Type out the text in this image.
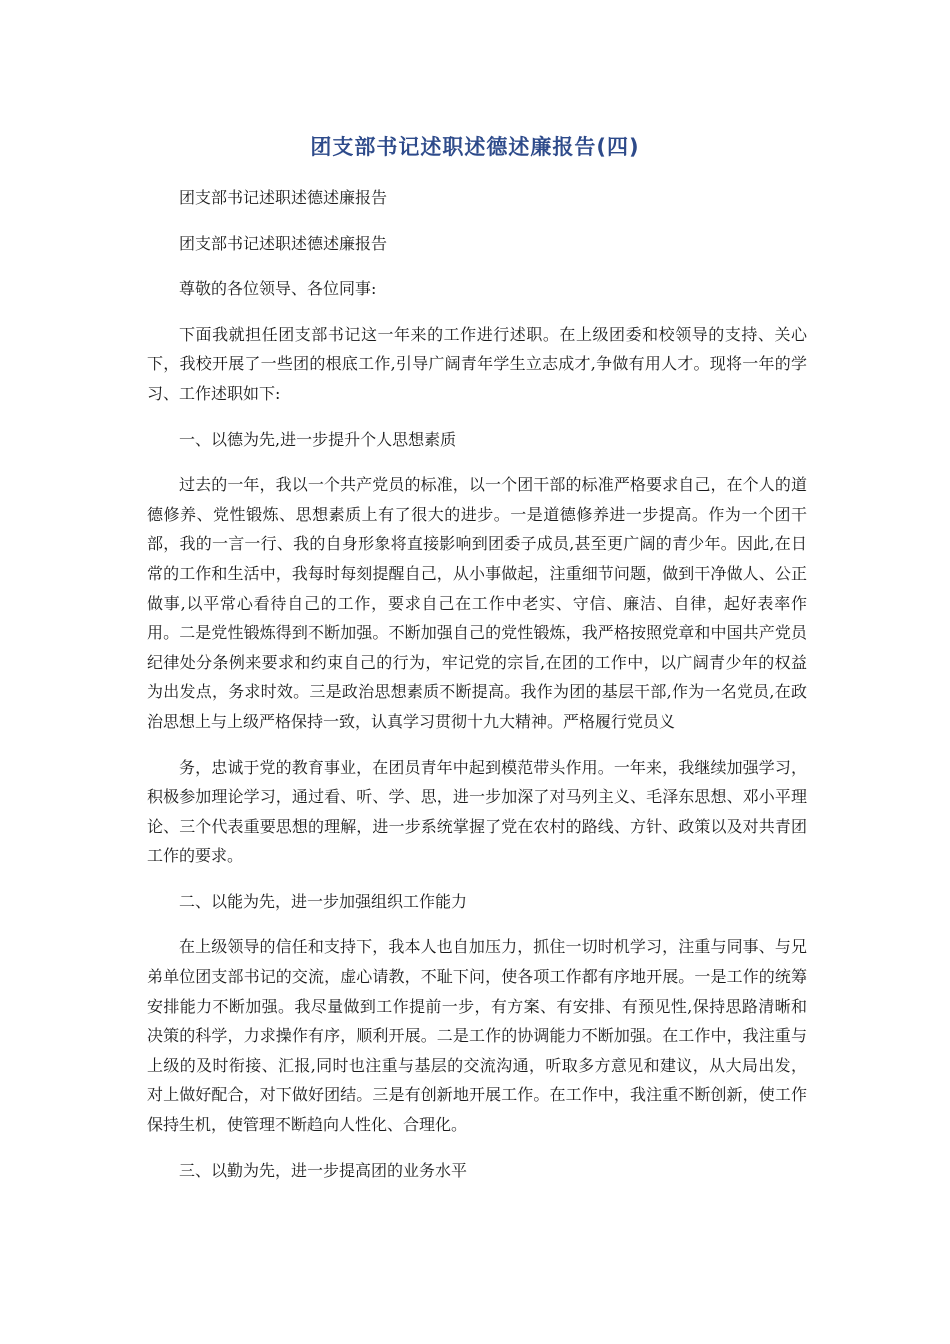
团支部书记述职述德述廉报告(四)

团支部书记述职述德述廉报告

团支部书记述职述德述廉报告

尊敬的各位领导、各位同事:

下面我就担任团支部书记这一年来的工作进行述职。在上级团委和校领导的支持、关心下，我校开展了一些团的根底工作,引导广阔青年学生立志成才,争做有用人才。现将一年的学习、工作述职如下:

一、以德为先,进一步提升个人思想素质

过去的一年，我以一个共产党员的标准，以一个团干部的标准严格要求自己，在个人的道德修养、党性锻炼、思想素质上有了很大的进步。一是道德修养进一步提高。作为一个团干部，我的一言一行、我的自身形象将直接影响到团委子成员,甚至更广阔的青少年。因此,在日常的工作和生活中，我每时每刻提醒自己，从小事做起，注重细节问题，做到干净做人、公正做事,以平常心看待自己的工作，要求自己在工作中老实、守信、廉洁、自律，起好表率作用。二是党性锻炼得到不断加强。不断加强自己的党性锻炼，我严格按照党章和中国共产党员纪律处分条例来要求和约束自己的行为，牢记党的宗旨,在团的工作中，以广阔青少年的权益为出发点，务求时效。三是政治思想素质不断提高。我作为团的基层干部,作为一名党员,在政治思想上与上级严格保持一致，认真学习贯彻十九大精神。严格履行党员义

务，忠诚于党的教育事业，在团员青年中起到模范带头作用。一年来，我继续加强学习，积极参加理论学习，通过看、听、学、思，进一步加深了对马列主义、毛泽东思想、邓小平理论、三个代表重要思想的理解，进一步系统掌握了党在农村的路线、方针、政策以及对共青团工作的要求。

二、以能为先，进一步加强组织工作能力

在上级领导的信任和支持下，我本人也自加压力，抓住一切时机学习，注重与同事、与兄弟单位团支部书记的交流，虚心请教，不耻下问，使各项工作都有序地开展。一是工作的统筹安排能力不断加强。我尽量做到工作提前一步，有方案、有安排、有预见性,保持思路清晰和决策的科学，力求操作有序，顺利开展。二是工作的协调能力不断加强。在工作中，我注重与上级的及时衔接、汇报,同时也注重与基层的交流沟通，听取多方意见和建议，从大局出发，对上做好配合，对下做好团结。三是有创新地开展工作。在工作中，我注重不断创新，使工作保持生机，使管理不断趋向人性化、合理化。

三、以勤为先，进一步提高团的业务水平
